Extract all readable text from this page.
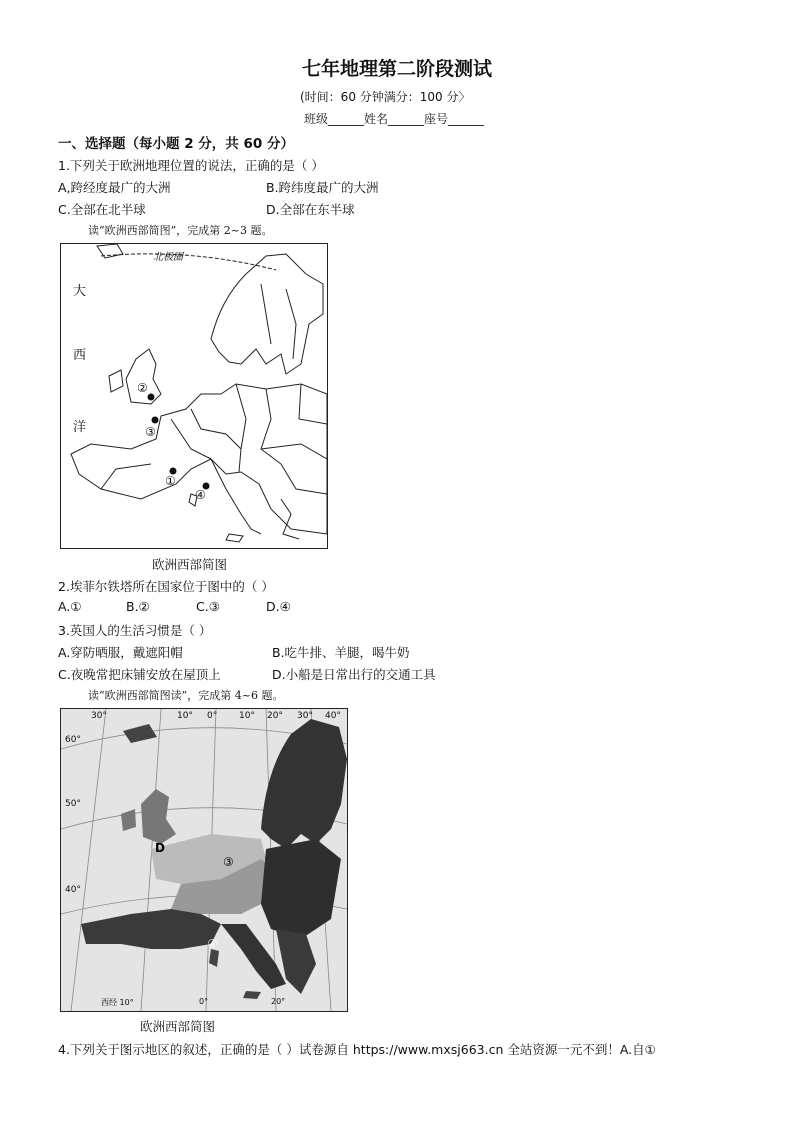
七年地理第二阶段测试
(时间：60 分钟满分：100 分〉
班级______姓名______座号______
一、选择题（每小题 2 分，共 60 分）
1.下列关于欧洲地理位置的说法，正确的是（ ）
A,跨经度最广的大洲	B.跨纬度最广的大洲
C.全部在北半球	D.全部在东半球
读“欧洲西部简图”，完成第 2~3 题。
北极圈
大
西
洋
②
③
①
④
欧洲西部简图
2.埃菲尔铁塔所在国家位于图中的（ ）
A.①	B.②	C.③	D.④
3.英国人的生活习惯是（ ）
A.穿防晒服，戴遮阳帽	B.吃牛排、羊腿，喝牛奶
C.夜晚常把床铺安放在屋顶上	D.小船是日常出行的交通工具
读“欧洲西部简图读”，完成第 4~6 题。
30°	10° 0° 10° 20° 30° 40°
60°
50°
40°
D
③
④
西经 10°	0°	20°
欧洲西部简图
4.下列关于图示地区的叙述，正确的是（ ）试卷源自 https://www.mxsj663.cn 全站资源一元不到！A.自①
